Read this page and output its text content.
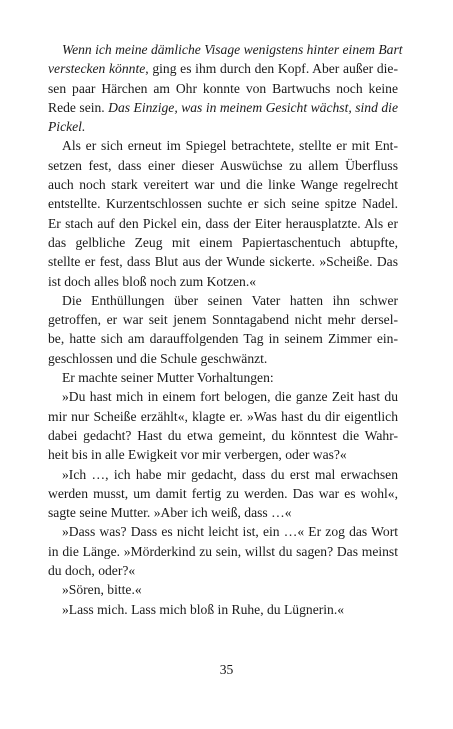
Wenn ich meine dämliche Visage wenigstens hinter einem Bart
verstecken könnte, ging es ihm durch den Kopf. Aber außer die-
sen paar Härchen am Ohr konnte von Bartwuchs noch keine
Rede sein. Das Einzige, was in meinem Gesicht wächst, sind die
Pickel.
Als er sich erneut im Spiegel betrachtete, stellte er mit Ent-
setzen fest, dass einer dieser Auswüchse zu allem Überfluss
auch noch stark vereitert war und die linke Wange regelrecht
entstellte. Kurzentschlossen suchte er sich seine spitze Nadel.
Er stach auf den Pickel ein, dass der Eiter herausplatzte. Als er
das gelbliche Zeug mit einem Papiertaschentuch abtupfte,
stellte er fest, dass Blut aus der Wunde sickerte. »Scheiße. Das
ist doch alles bloß noch zum Kotzen.«
Die Enthüllungen über seinen Vater hatten ihn schwer
getroffen, er war seit jenem Sonntagabend nicht mehr dersel-
be, hatte sich am darauffolgenden Tag in seinem Zimmer ein-
geschlossen und die Schule geschwänzt.
Er machte seiner Mutter Vorhaltungen:
»Du hast mich in einem fort belogen, die ganze Zeit hast du
mir nur Scheiße erzählt«, klagte er. »Was hast du dir eigentlich
dabei gedacht? Hast du etwa gemeint, du könntest die Wahr-
heit bis in alle Ewigkeit vor mir verbergen, oder was?«
»Ich …, ich habe mir gedacht, dass du erst mal erwachsen
werden musst, um damit fertig zu werden. Das war es wohl«,
sagte seine Mutter. »Aber ich weiß, dass …«
»Dass was? Dass es nicht leicht ist, ein …« Er zog das Wort
in die Länge. »Mörderkind zu sein, willst du sagen? Das meinst
du doch, oder?«
»Sören, bitte.«
»Lass mich. Lass mich bloß in Ruhe, du Lügnerin.«
35
